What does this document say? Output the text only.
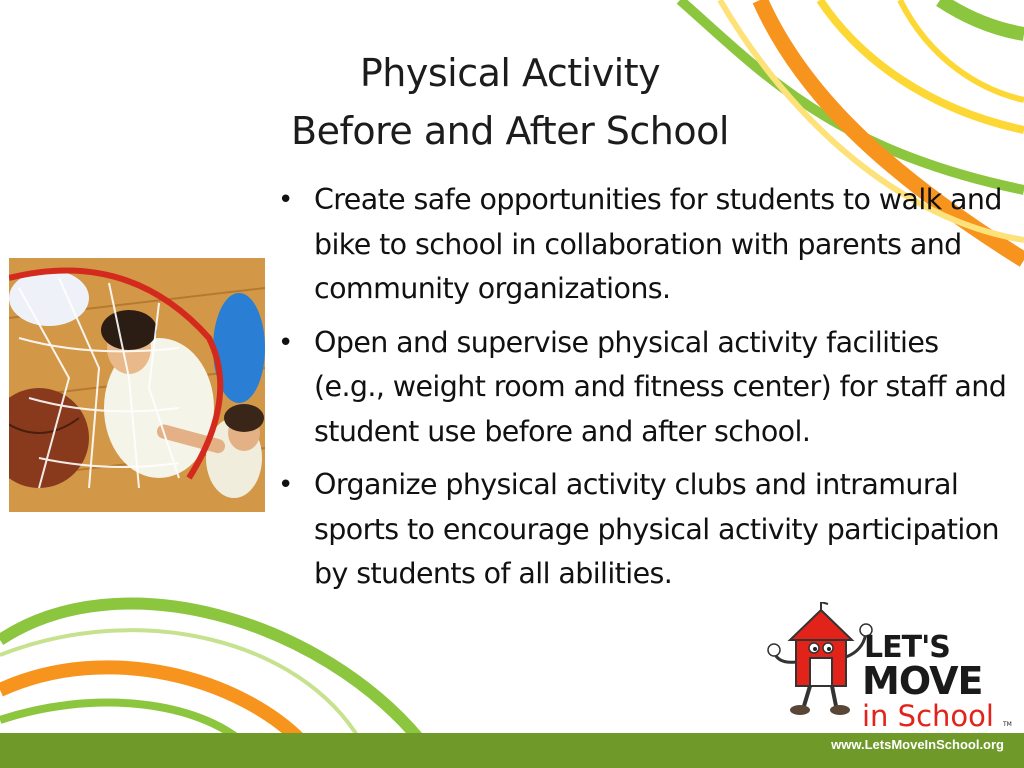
Physical Activity
Before and After School
• Create safe opportunities for students to walk and bike to school in collaboration with parents and community organizations.
• Open and supervise physical activity facilities (e.g., weight room and fitness center) for staff and student use before and after school.
• Organize physical activity clubs and intramural sports to encourage physical activity participation by students of all abilities.
LET'S
MOVE
in School TM
www.LetsMoveInSchool.org
